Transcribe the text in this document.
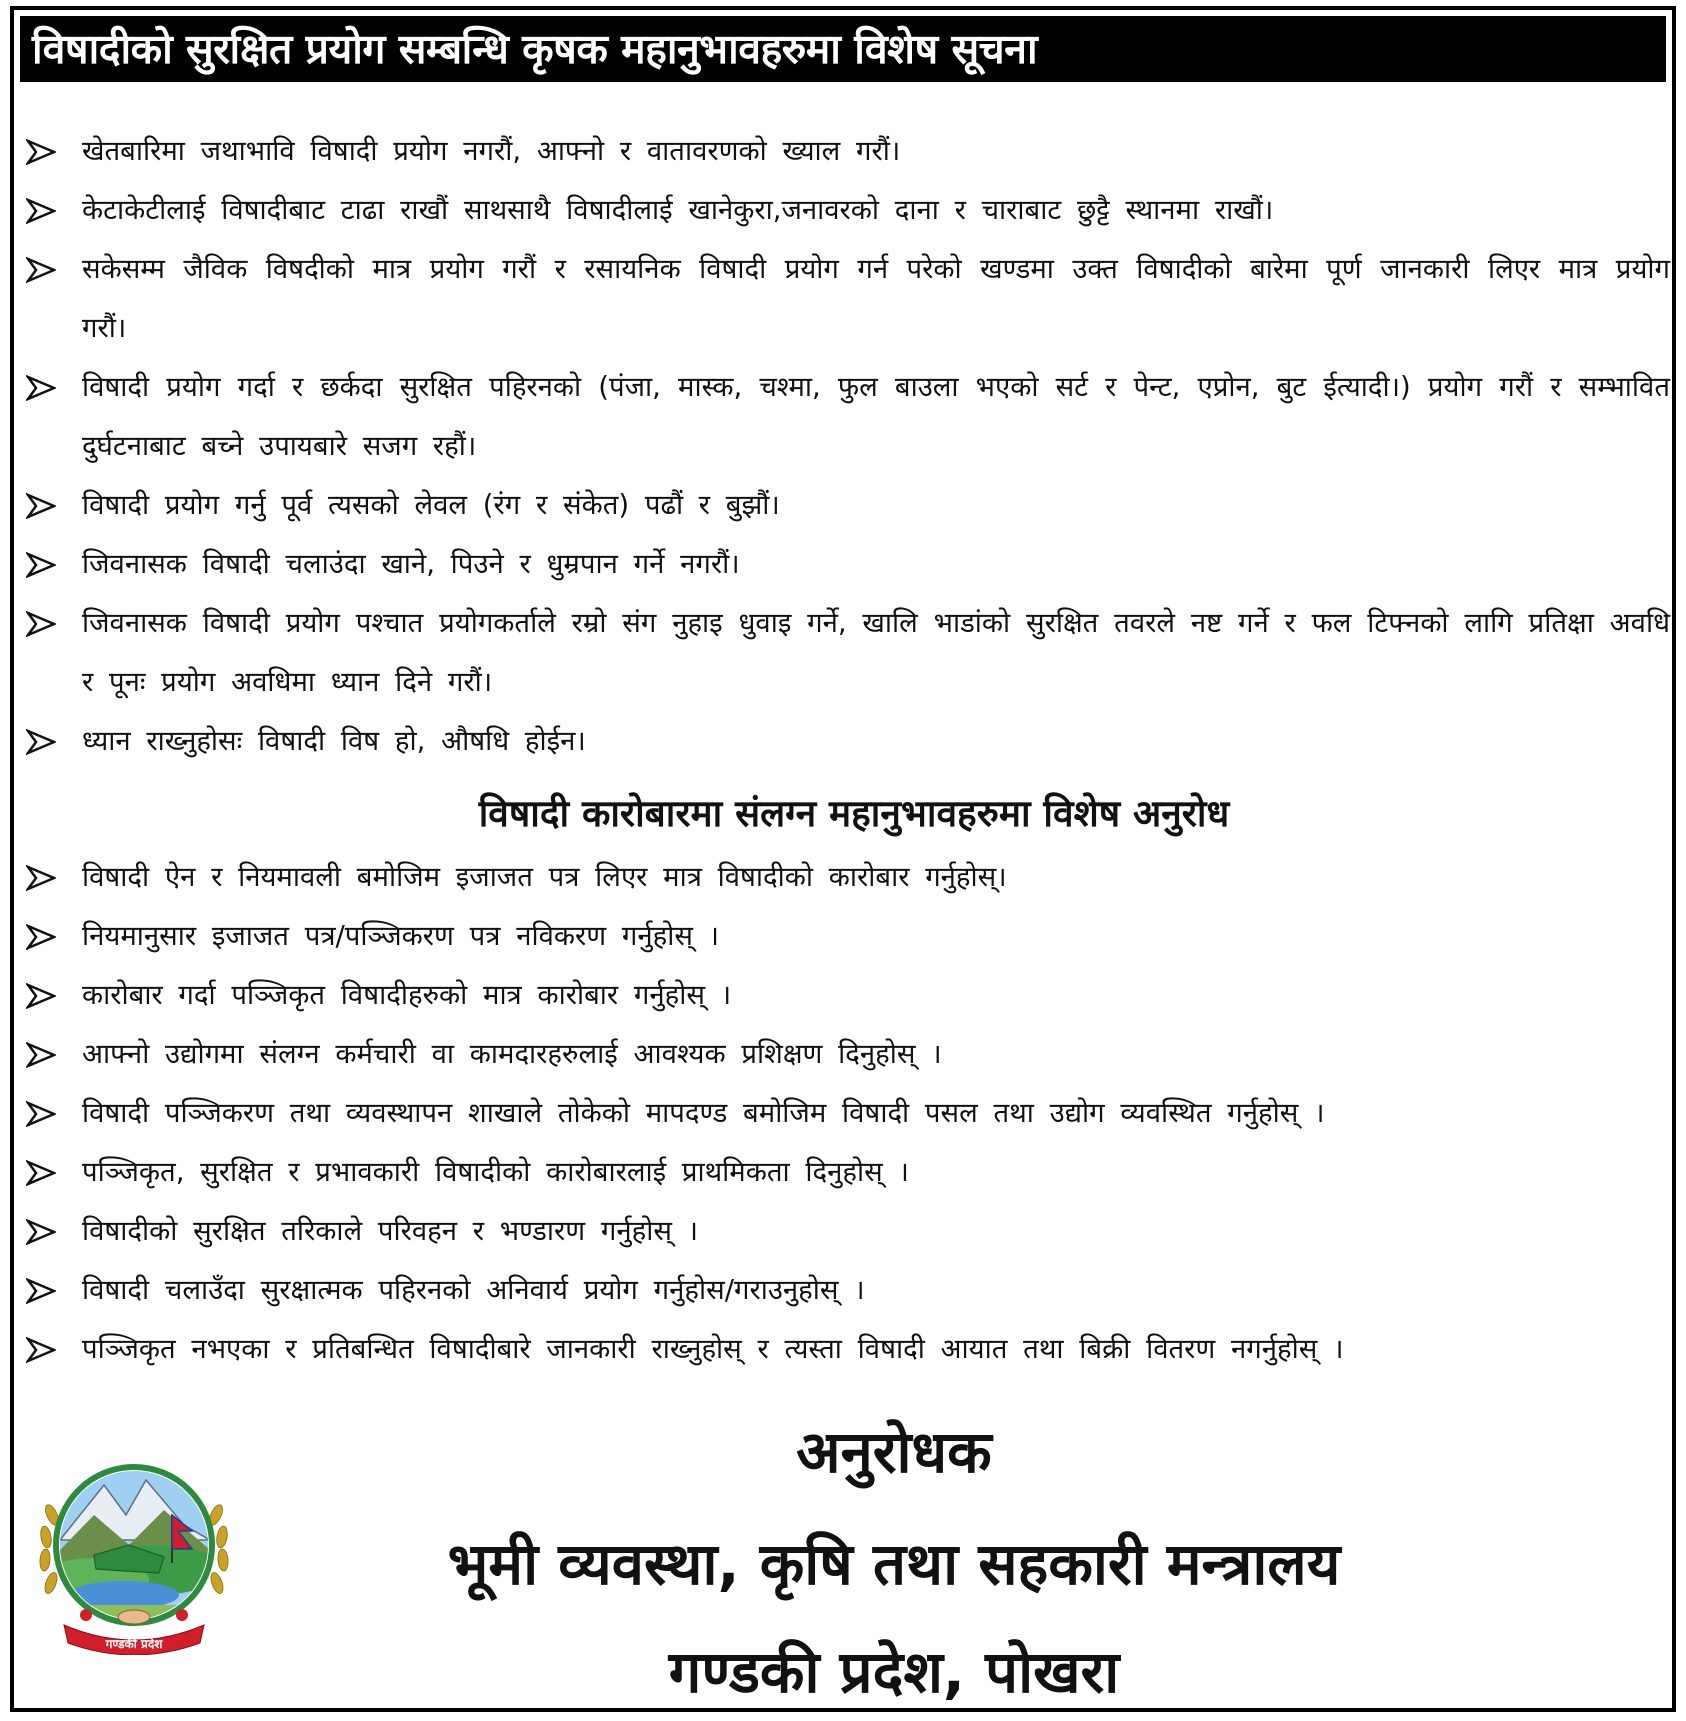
विषादीको सुरक्षित प्रयोग सम्बन्धि कृषक महानुभावहरुमा विशेष सूचना
खेतबारिमा जथाभावि विषादी प्रयोग नगरौं, आफ्नो र वातावरणको ख्याल गरौं।
केटाकेटीलाई विषादीबाट टाढा राखौं साथसाथै विषादीलाई खानेकुरा,जनावरको दाना र चाराबाट छुट्टै स्थानमा राखौं।
सकेसम्म जैविक विषदीको मात्र प्रयोग गरौं र रसायनिक विषादी प्रयोग गर्न परेको खण्डमा उक्त विषादीको बारेमा पूर्ण जानकारी लिएर मात्र प्रयोग गरौं।
विषादी प्रयोग गर्दा र छर्कदा सुरक्षित पहिरनको (पंजा, मास्क, चश्मा, फुल बाउला भएको सर्ट र पेन्ट, एप्रोन, बुट ईत्यादी।) प्रयोग गरौं र सम्भावित दुर्घटनाबाट बच्ने उपायबारे सजग रहौं।
विषादी प्रयोग गर्नु पूर्व त्यसको लेवल (रंग र संकेत) पढौं र बुझौं।
जिवनासक विषादी चलाउंदा खाने, पिउने र धुम्रपान गर्ने नगरौं।
जिवनासक विषादी प्रयोग पश्चात प्रयोगकर्ताले रम्रो संग नुहाइ धुवाइ गर्ने, खालि भाडांको सुरक्षित तवरले नष्ट गर्ने र फल टिफ्नको लागि प्रतिक्षा अवधि र पूनः प्रयोग अवधिमा ध्यान दिने गरौं।
ध्यान राख्नुहोसः विषादी विष हो, औषधि होईन।
विषादी कारोबारमा संलग्न महानुभावहरुमा विशेष अनुरोध
विषादी ऐन र नियमावली बमोजिम इजाजत पत्र लिएर मात्र विषादीको कारोबार गर्नुहोस्।
नियमानुसार इजाजत पत्र/पञ्जिकरण पत्र नविकरण गर्नुहोस् ।
कारोबार गर्दा पञ्जिकृत विषादीहरुको मात्र कारोबार गर्नुहोस् ।
आफ्नो उद्योगमा संलग्न कर्मचारी वा कामदारहरुलाई आवश्यक प्रशिक्षण दिनुहोस् ।
विषादी पञ्जिकरण तथा व्यवस्थापन शाखाले तोकेको मापदण्ड बमोजिम विषादी पसल तथा उद्योग व्यवस्थित गर्नुहोस् ।
पञ्जिकृत, सुरक्षित र प्रभावकारी विषादीको कारोबारलाई प्राथमिकता दिनुहोस् ।
विषादीको सुरक्षित तरिकाले परिवहन र भण्डारण गर्नुहोस् ।
विषादी चलाउँदा सुरक्षात्मक पहिरनको अनिवार्य प्रयोग गर्नुहोस/गराउनुहोस् ।
पञ्जिकृत नभएका र प्रतिबन्धित विषादीबारे जानकारी राख्नुहोस् र त्यस्ता विषादी आयात तथा बिक्री वितरण नगर्नुहोस् ।
गण्डकी प्रदेश
अनुरोधक
भूमी व्यवस्था, कृषि तथा सहकारी मन्त्रालय
गण्डकी प्रदेश, पोखरा
